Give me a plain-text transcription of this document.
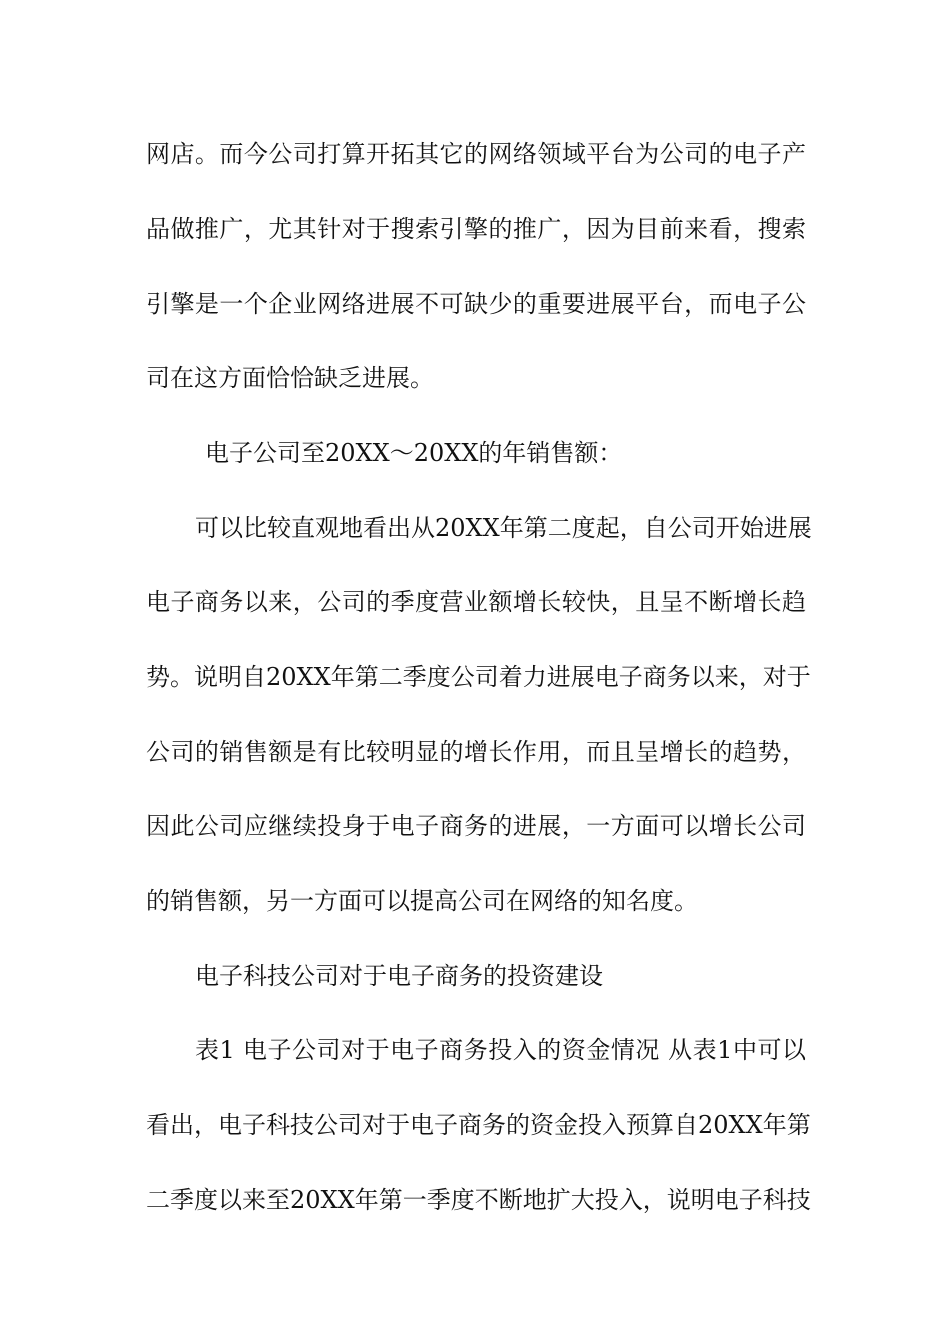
网店。而今公司打算开拓其它的网络领域平台为公司的电子产
品做推广，尤其针对于搜索引擎的推广，因为目前来看，搜索
引擎是一个企业网络进展不可缺少的重要进展平台，而电子公
司在这方面恰恰缺乏进展。
电子公司至20XX～20XX的年销售额：
可以比较直观地看出从20XX年第二度起，自公司开始进展
电子商务以来，公司的季度营业额增长较快，且呈不断增长趋
势。说明自20XX年第二季度公司着力进展电子商务以来，对于
公司的销售额是有比较明显的增长作用，而且呈增长的趋势，
因此公司应继续投身于电子商务的进展，一方面可以增长公司
的销售额，另一方面可以提高公司在网络的知名度。
电子科技公司对于电子商务的投资建设
表1 电子公司对于电子商务投入的资金情况 从表1中可以
看出，电子科技公司对于电子商务的资金投入预算自20XX年第
二季度以来至20XX年第一季度不断地扩大投入，说明电子科技
